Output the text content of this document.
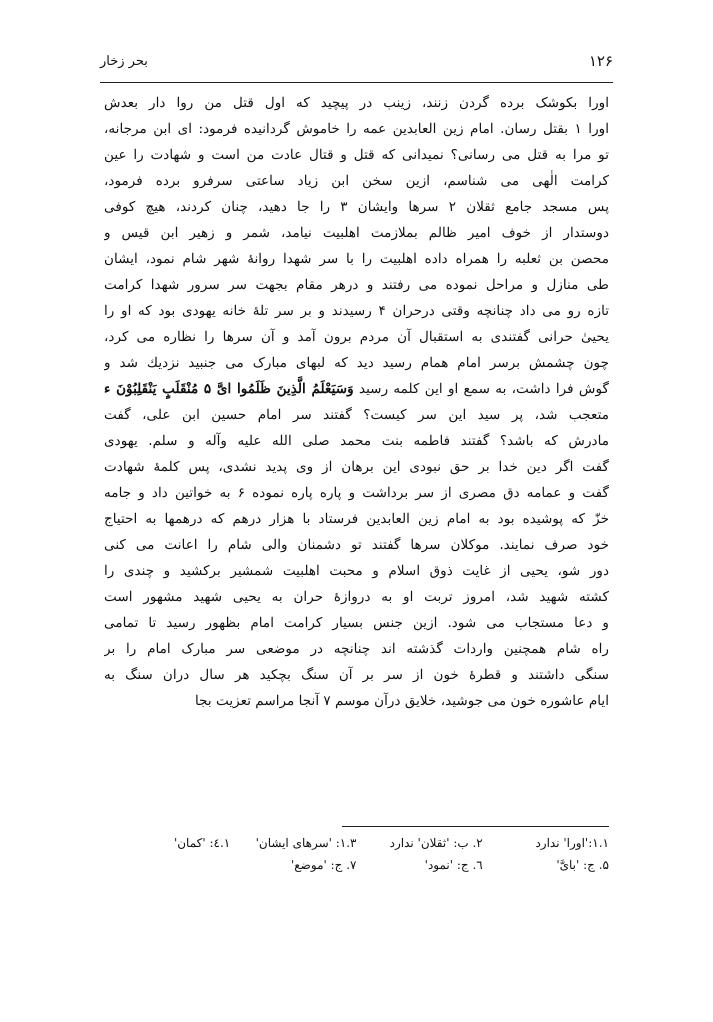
۱۲۶
بحر زخار
اورا بکوشک برده گردن زنند، زینب در پیچید که اول قتل من روا دار بعدش
اورا ۱ بقتل رسان. امام زین العابدین عمه را خاموش گردانیده فرمود: ای ابن مرجانه،
تو مرا به قتل می رسانی؟ نمیدانی که قتل و قتال عادت من است و شهادت را عین
کرامت الٰهی می شناسم، ازین سخن ابن زیاد ساعتی سرفرو برده فرمود،
پس مسجد جامع ثقلان ۲ سرها وایشان ۳ را جا دهید، چنان کردند، هیچ کوفی
دوستدار از خوف امیر ظالم بملازمت اهلبیت نیامد، شمر و زهیر ابن قیس و
محصن بن ثعلبه را همراه داده اهلبیت را با سر شهدا روانهٔ شهر شام نمود، ایشان
طی منازل و مراحل نموده می رفتند و درهر مقام بجهت سر سرور شهدا کرامت
تازه رو می داد چنانچه وقتی درحران ۴ رسیدند و بر سر تلهٔ خانه یهودی بود که او را
یحییٰ حرانی گفتندی به استقبال آن مردم برون آمد و آن سرها را نظاره می کرد،
چون چشمش برسر امام همام رسید دید که لبهای مبارک می جنبید نزدیك شد و
گوش فرا داشت، به سمع او این کلمه رسید وَسَيَعْلَمُ الَّذِينَ ظَلَمُوا ایَّ ۵ مُنْقَلَبٍ يَنْقَلِبُوْنَ ء
متعجب شد، پر سید این سر کیست؟ گفتند سر امام حسین ابن علی، گفت
مادرش که باشد؟ گفتند فاطمه بنت محمد صلی الله علیه وآله و سلم. یهودی
گفت اگر دین خدا بر حق نبودی این برهان از وی پدید نشدی، پس کلمهٔ شهادت
گفت و عمامه دق مصری از سر برداشت و پاره پاره نموده ۶ به خواتین داد و جامه
خزّ که پوشیده بود به امام زین العابدین فرستاد با هزار درهم که درهمها به احتیاج
خود صرف نمایند. موکلان سرها گفتند تو دشمنان والی شام را اعانت می کنی
دور شو، یحیی از غایت ذوق اسلام و محبت اهلبیت شمشیر برکشید و چندی را
کشته شهید شد، امروز تربت او به دروازهٔ حران به یحیی شهید مشهور است
و دعا مستجاب می شود. ازین جنس بسیار کرامت امام بظهور رسید تا تمامی
راه شام همچنین واردات گذشته اند چنانچه در موضعی سر مبارک امام را بر
سنگی داشتند و قطرهٔ خون از سر بر آن سنگ بچکید هر سال دران سنگ به
ایام عاشوره خون می جوشید، خلایق درآن موسم ۷ آنجا مراسم تعزیت بجا
۱.۱:'اورا' ندارد
۲. ب: 'ثقلان' ندارد
۱.۳: 'سرهای ایشان'
۱.٤: 'کمان'
۵. ج: 'بایَّ'
٦. ج: 'نمود'
۷. ج: 'موضع'
